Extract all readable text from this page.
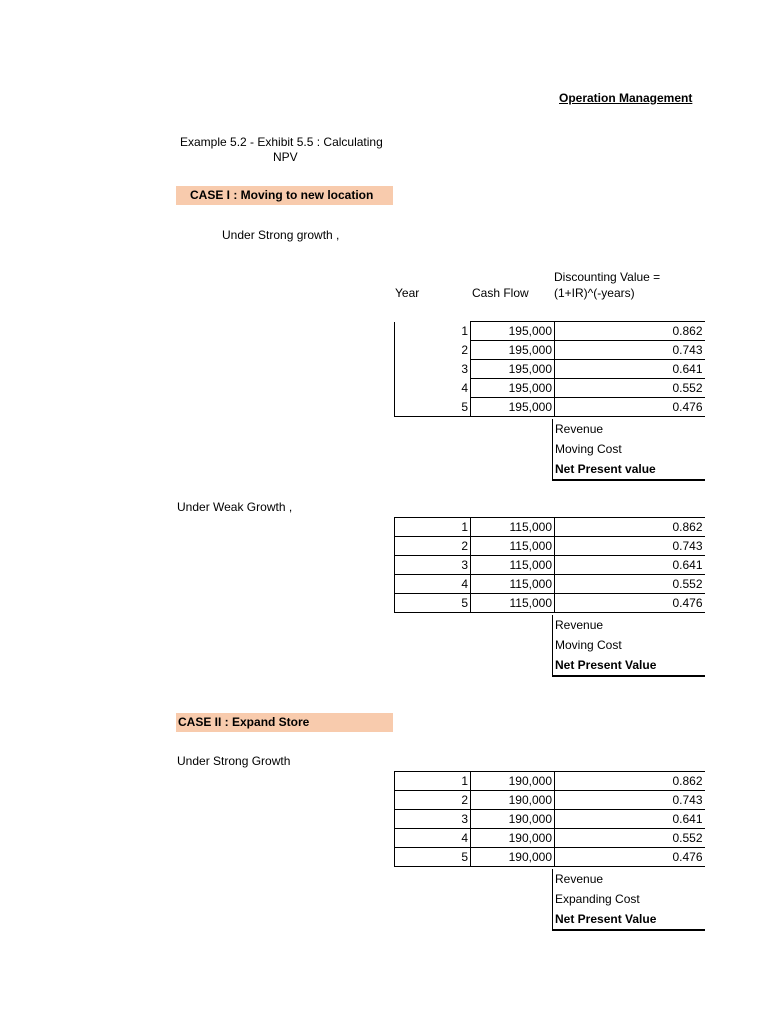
Operation Management
Example 5.2 - Exhibit 5.5 : Calculating
NPV
CASE I : Moving to new location
Under Strong growth ,
Discounting Value =
(1+IR)^(-years)
Year	Cash Flow
1	195,000	0.862
2	195,000	0.743
3	195,000	0.641
4	195,000	0.552
5	195,000	0.476
Revenue
Moving Cost
Net Present value
Under Weak Growth ,
1	115,000	0.862
2	115,000	0.743
3	115,000	0.641
4	115,000	0.552
5	115,000	0.476
Revenue
Moving Cost
Net Present Value
CASE II : Expand Store
Under Strong Growth
1	190,000	0.862
2	190,000	0.743
3	190,000	0.641
4	190,000	0.552
5	190,000	0.476
Revenue
Expanding Cost
Net Present Value
